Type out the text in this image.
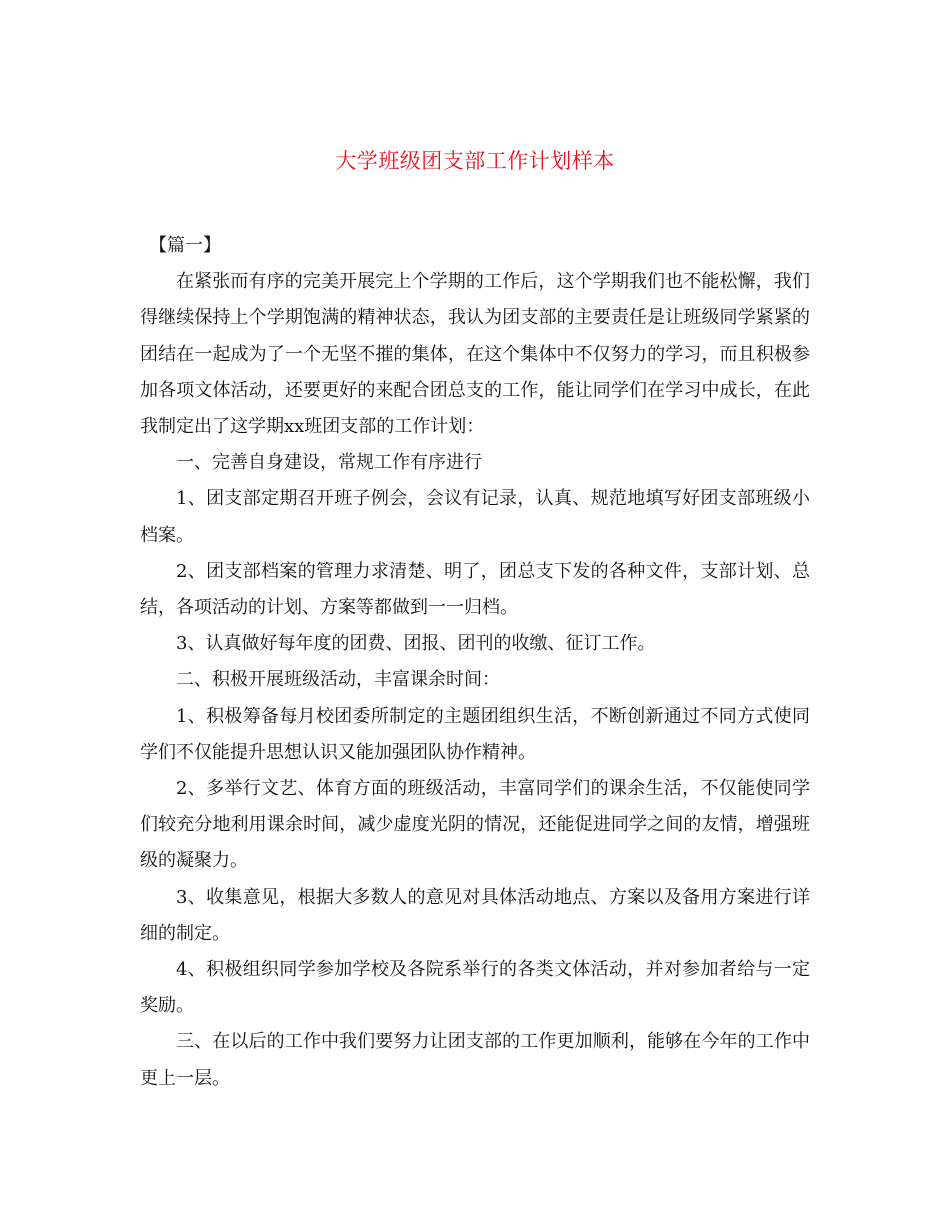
大学班级团支部工作计划样本

【篇一】

在紧张而有序的完美开展完上个学期的工作后，这个学期我们也不能松懈，我们得继续保持上个学期饱满的精神状态，我认为团支部的主要责任是让班级同学紧紧的团结在一起成为了一个无坚不摧的集体，在这个集体中不仅努力的学习，而且积极参加各项文体活动，还要更好的来配合团总支的工作，能让同学们在学习中成长，在此我制定出了这学期xx班团支部的工作计划：

一、完善自身建设，常规工作有序进行

1、团支部定期召开班子例会，会议有记录，认真、规范地填写好团支部班级小档案。

2、团支部档案的管理力求清楚、明了，团总支下发的各种文件，支部计划、总结，各项活动的计划、方案等都做到一一归档。

3、认真做好每年度的团费、团报、团刊的收缴、征订工作。

二、积极开展班级活动，丰富课余时间：

1、积极筹备每月校团委所制定的主题团组织生活，不断创新通过不同方式使同学们不仅能提升思想认识又能加强团队协作精神。

2、多举行文艺、体育方面的班级活动，丰富同学们的课余生活，不仅能使同学们较充分地利用课余时间，减少虚度光阴的情况，还能促进同学之间的友情，增强班级的凝聚力。

3、收集意见，根据大多数人的意见对具体活动地点、方案以及备用方案进行详细的制定。

4、积极组织同学参加学校及各院系举行的各类文体活动，并对参加者给与一定奖励。

三、在以后的工作中我们要努力让团支部的工作更加顺利，能够在今年的工作中更上一层。
